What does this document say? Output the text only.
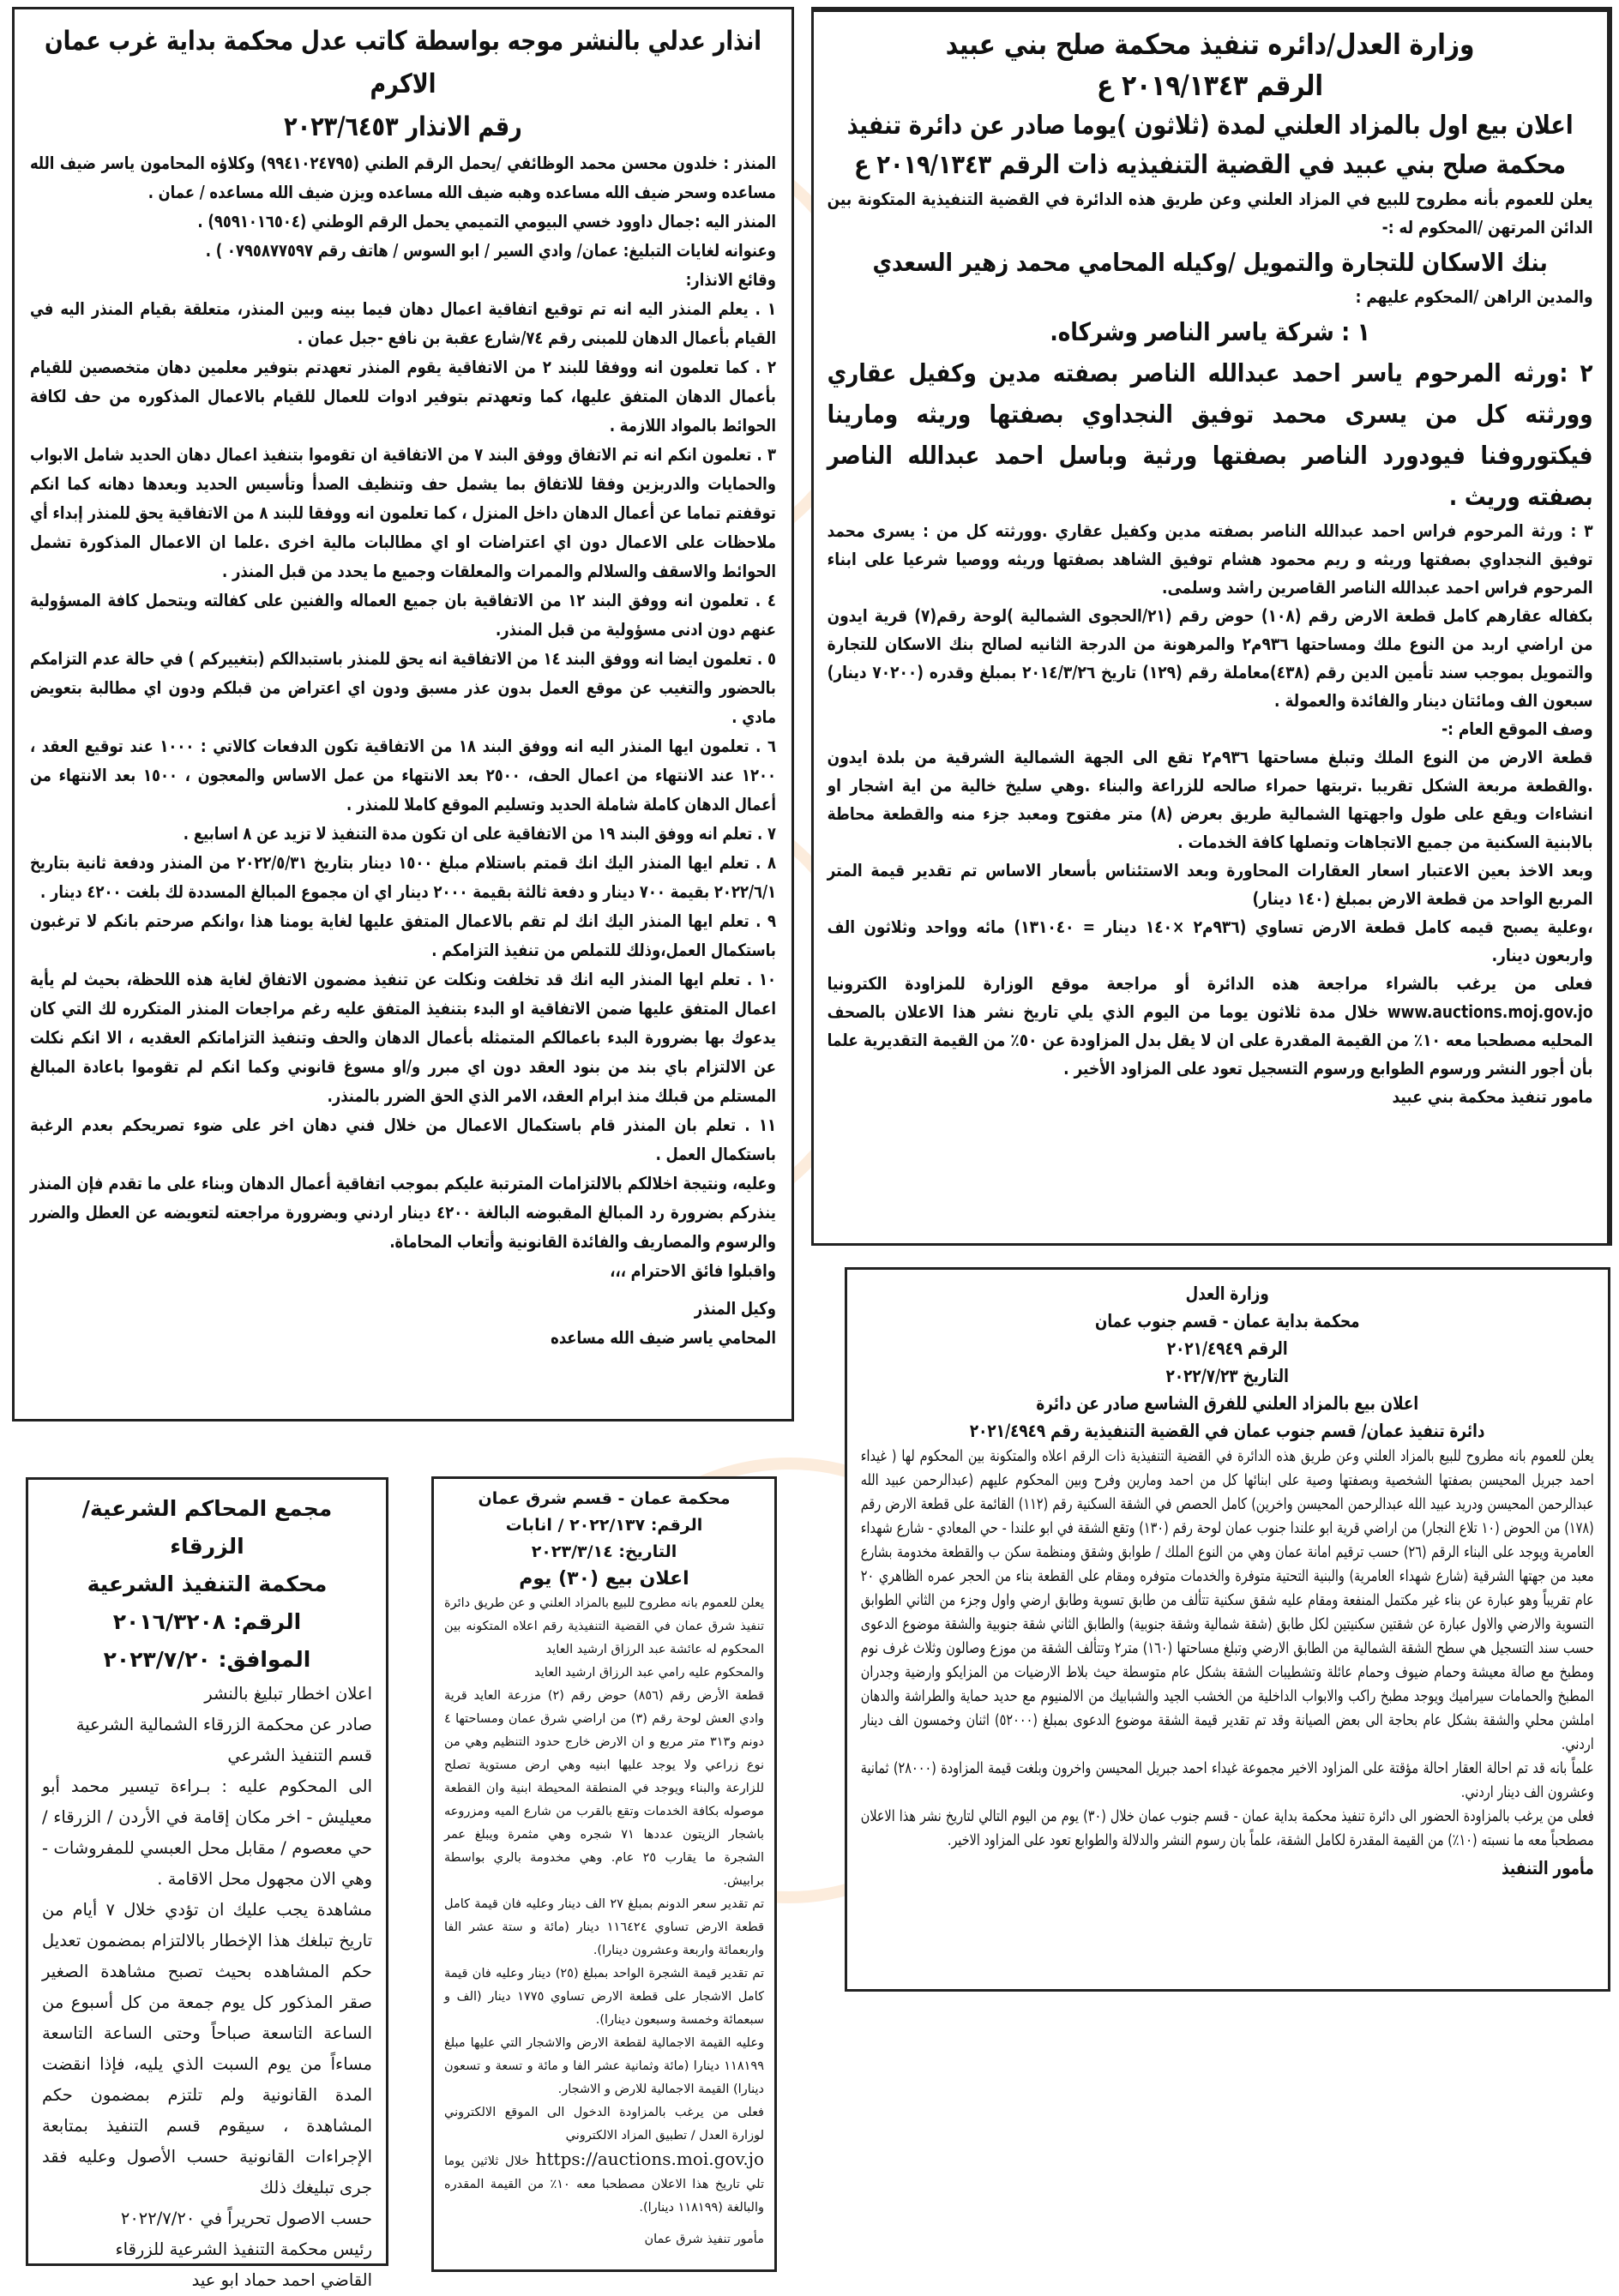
وزارة العدل/دائره تنفيذ محكمة صلح بني عبيد

الرقم ٢٠١٩/١٣٤٣ ع

اعلان بيع اول بالمزاد العلني لمدة (ثلاثون )يوما صادر عن دائرة تنفيذ محكمة صلح بني عبيد في القضية التنفيذيه ذات الرقم ٢٠١٩/١٣٤٣ ع

يعلن للعموم بأنه مطروح للبيع في المزاد العلني وعن طريق هذه الدائرة في القضية التنفيذية المتكونة بين الدائن المرتهن /المحكوم له :-

بنك الاسكان للتجارة والتمويل /وكيله المحامي محمد زهير السعدي

والمدين الراهن /المحكوم عليهم :

١ : شركة ياسر الناصر وشركاه.

٢ :ورثه المرحوم ياسر احمد عبدالله الناصر بصفته مدين وكفيل عقاري وورثته كل من يسرى محمد توفيق النجداوي بصفتها وريثه ومارينا فيكتوروفنا فيودورد الناصر بصفتها ورثية وباسل احمد عبدالله الناصر بصفته وريث .

٣ : ورثة المرحوم فراس احمد عبدالله الناصر بصفته مدين وكفيل عقاري .وورثته كل من : يسرى محمد توفيق النجداوي بصفتها وريثه و ريم محمود هشام توفيق الشاهد بصفتها وريثه ووصيا شرعيا على ابناء المرحوم فراس احمد عبدالله الناصر القاصرين راشد وسلمى.

بكفاله عقارهم كامل قطعة الارض رقم (١٠٨) حوض رقم (٢١/الحجوى الشمالية )لوحة رقم(٧) قرية ايدون من اراضي اربد من النوع ملك ومساحتها ٩٣٦م٢ والمرهونة من الدرجة الثانيه لصالح بنك الاسكان للتجارة والتمويل بموجب سند تأمين الدين رقم (٤٣٨)معاملة رقم (١٢٩) تاريخ ٢٠١٤/٣/٢٦ بمبلغ وقدره (٧٠٢٠٠ دينار) سبعون الف ومائتان دينار والفائدة والعمولة .

وصف الموقع العام :-

قطعة الارض من النوع الملك وتبلغ مساحتها ٩٣٦م٢ تقع الى الجهة الشمالية الشرقية من بلدة ايدون .والقطعة مربعة الشكل تقريبا .تربتها حمراء صالحه للزراعة والبناء .وهي سليخ خالية من اية اشجار او انشاءات ويقع على طول واجهتها الشمالية طريق بعرض (٨) متر مفتوح ومعبد جزء منه والقطعة محاطة بالابنية السكنية من جميع الاتجاهات وتصلها كافة الخدمات .

وبعد الاخذ بعين الاعتبار اسعار العقارات المحاورة وبعد الاستئناس بأسعار الاساس تم تقدير قيمة المتر المربع الواحد من قطعة الارض بمبلغ (١٤٠ دينار)

،وعلية يصبح قيمه كامل قطعة الارض تساوي (٩٣٦م٢ ×١٤٠ دينار = ١٣١٠٤٠) مائه وواحد وثلاثون الف واربعون دينار.

فعلى من يرغب بالشراء مراجعة هذه الدائرة أو مراجعة موقع الوزارة للمزاودة الكترونيا www.auctions.moj.gov.jo خلال مدة ثلاثون يوما من اليوم الذي يلي تاريخ نشر هذا الاعلان بالصحف المحليه مصطحبا معه ١٠٪ من القيمة المقدرة على ان لا يقل بدل المزاودة عن ٥٠٪ من القيمة التقديرية علما بأن أجور النشر ورسوم الطوابع ورسوم التسجيل تعود على المزاود الأخير .

مامور تنفيذ محكمة بني عبيد

انذار عدلي بالنشر موجه بواسطة كاتب عدل محكمة بداية غرب عمان الاكرم

رقم الانذار ٢٠٢٣/٦٤٥٣

المنذر : خلدون محسن محمد الوظائفي /يحمل الرقم الطني (٩٩٤١٠٢٤٧٩٥) وكلاؤه المحامون ياسر ضيف الله مساعده وسحر ضيف الله مساعده وهبه ضيف الله مساعده ويزن ضيف الله مساعده / عمان .

المنذر اليه :جمال داوود خسي البيومي التميمي يحمل الرقم الوطني (٩٥٩١٠١٦٥٠٤) .

وعنوانه لغايات التبليغ: عمان/ وادي السير / ابو السوس / هاتف رقم ٠٧٩٥٨٧٧٥٩٧ ) .

وقائع الانذار:

١ . يعلم المنذر اليه انه تم توقيع اتفاقية اعمال دهان فيما بينه وبين المنذر، متعلقة بقيام المنذر اليه في القيام بأعمال الدهان للمبنى رقم ٧٤/شارع عقبة بن نافع -جبل عمان .

٢ . كما تعلمون انه ووفقا للبند ٢ من الاتفاقية يقوم المنذر تعهدتم بتوفير معلمين دهان متخصصين للقيام بأعمال الدهان المتفق عليها، كما وتعهدتم بتوفير ادوات للعمال للقيام بالاعمال المذكوره من حف لكافة الحوائط بالمواد اللازمة .

٣ . تعلمون انكم انه تم الاتفاق ووفق البند ٧ من الاتفاقية ان تقوموا بتنفيذ اعمال دهان الحديد شامل الابواب والحمايات والدربزين وفقا للاتفاق بما يشمل حف وتنظيف الصدأ وتأسيس الحديد وبعدها دهانه كما انكم توقفتم تماما عن أعمال الدهان داخل المنزل ، كما تعلمون انه ووفقا للبند ٨ من الاتفاقية يحق للمنذر إبداء أي ملاحظات على الاعمال دون اي اعتراضات او اي مطالبات مالية اخرى .علما ان الاعمال المذكورة تشمل الحوائط والاسقف والسلالم والممرات والمعلقات وجميع ما يحدد من قبل المنذر .

٤ . تعلمون انه ووفق البند ١٢ من الاتفاقية بان جميع العماله والفنين على كفالته ويتحمل كافة المسؤولية عنهم دون ادنى مسؤولية من قبل المنذر.

٥ . تعلمون ايضا انه ووفق البند ١٤ من الاتفاقية انه يحق للمنذر باستبدالكم (بتغييركم ) في حالة عدم التزامكم بالحضور والتغيب عن موقع العمل بدون عذر مسبق ودون اي اعتراض من قبلكم ودون اي مطالبة بتعويض مادي .

٦ . تعلمون ايها المنذر اليه انه ووفق البند ١٨ من الاتفاقية تكون الدفعات كالاتي : ١٠٠٠ عند توقيع العقد ، ١٢٠٠ عند الانتهاء من اعمال الحف، ٢٥٠٠ بعد الانتهاء من عمل الاساس والمعجون ، ١٥٠٠ بعد الانتهاء من أعمال الدهان كاملة شاملة الحديد وتسليم الموقع كاملا للمنذر .

٧ . تعلم انه ووفق البند ١٩ من الاتفاقية على ان تكون مدة التنفيذ لا تزيد عن ٨ اسابيع .

٨ . تعلم ايها المنذر اليك انك قمتم باستلام مبلغ ١٥٠٠ دينار بتاريخ ٢٠٢٢/٥/٣١ من المنذر ودفعة ثانية بتاريخ ٢٠٢٢/٦/١ بقيمة ٧٠٠ دينار و دفعة ثالثة بقيمة ٢٠٠٠ دينار اي ان مجموع المبالغ المسددة لك بلغت ٤٢٠٠ دينار .

٩ . تعلم ايها المنذر اليك انك لم تقم بالاعمال المتفق عليها لغاية يومنا هذا ،وانكم صرحتم بانكم لا ترغبون باستكمال العمل،وذلك للتملص من تنفيذ التزامكم .

١٠ . تعلم ايها المنذر اليه انك قد تخلفت ونكلت عن تنفيذ مضمون الاتفاق لغاية هذه اللحظة، بحيث لم يأية اعمال المتفق عليها ضمن الاتفاقية او البدء بتنفيذ المتفق عليه رغم مراجعات المنذر المتكرره لك التي كان يدعوك بها بضرورة البدء باعمالكم المتمثله بأعمال الدهان والحف وتنفيذ التزاماتكم العقديه ، الا انكم نكلت عن الالتزام باي بند من بنود العقد دون اي مبرر و/او مسوغ قانوني وكما انكم لم تقوموا باعادة المبالغ المستلم من قبلك منذ ابرام العقد، الامر الذي الحق الضرر بالمنذر.

١١ . تعلم بان المنذر قام باستكمال الاعمال من خلال فني دهان اخر على ضوء تصريحكم بعدم الرغبة باستكمال العمل .

وعليه، ونتيجة اخلالكم بالالتزامات المترتبة عليكم بموجب اتفاقية أعمال الدهان وبناء على ما تقدم فإن المنذر ينذركم بضرورة رد المبالغ المقبوضه البالغة ٤٢٠٠ دينار اردني وبضرورة مراجعته لتعويضه عن العطل والضرر والرسوم والمصاريف والفائدة القانونية وأتعاب المحاماة.

واقبلوا فائق الاحترام ،،،

وكيل المنذر

المحامي ياسر ضيف الله مساعده

وزارة العدل

محكمة بداية عمان - قسم جنوب عمان

الرقم ٢٠٢١/٤٩٤٩

التاريخ ٢٠٢٢/٧/٢٣

اعلان بيع بالمزاد العلني للفرق الشاسع صادر عن دائرة

دائرة تنفيذ عمان/ قسم جنوب عمان في القضية التنفيذية رقم ٢٠٢١/٤٩٤٩

يعلن للعموم بانه مطروح للبيع بالمزاد العلني وعن طريق هذه الدائرة في القضية التنفيذية ذات الرقم اعلاه والمتكونة بين المحكوم لها ( غيداء احمد جبريل المحيسن بصفتها الشخصية وبصفتها وصية على ابنائها كل من احمد ومارين وفرح وبين المحكوم عليهم (عبدالرحمن عبيد الله عبدالرحمن المحيسن ودريد عبيد الله عبدالرحمن المحيسن واخرين) كامل الحصص في الشقة السكنية رقم (١١٢) القائمة على قطعة الارض رقم (١٧٨) من الحوض (١٠ تلاع النجار) من اراضي قرية ابو علندا جنوب عمان لوحة رقم (١٣٠) وتقع الشقة في ابو علندا - حي المعادي - شارع شهداء العامرية ويوجد على البناء الرقم (٢٦) حسب ترقيم امانة عمان وهي من النوع الملك / طوابق وشقق ومنظمة سكن ب والقطعة مخدومة بشارع معبد من جهتها الشرقية (شارع شهداء العامرية) والبنية التحتية متوفرة والخدمات متوفره ومقام على القطعة بناء من الحجر عمره الظاهري ٢٠ عام تقريباً وهو عبارة عن بناء غير مكتمل المنفعة ومقام عليه شقق سكنية تتألف من طابق تسوية وطابق ارضي واول وجزء من الثاني الطوابق التسوية والارضي والاول عبارة عن شقتين سكنيتين لكل طابق (شقة شمالية وشقة جنوبية) والطابق الثاني شقة جنوبية والشقة موضوع الدعوى حسب سند التسجيل هي سطح الشقة الشمالية من الطابق الارضي وتبلغ مساحتها (١٦٠) متر٢ وتتألف الشقة من موزع وصالون وثلاث غرف نوم ومطبخ مع صالة معيشة وحمام ضيوف وحمام عائلة وتشطيبات الشقة بشكل عام متوسطة حيث بلاط الارضيات من المزايكو وارضية وجدران المطبخ والحمامات سيراميك ويوجد مطبخ راكب والابواب الداخلية من الخشب الجيد والشبابيك من الالمنيوم مع حديد حماية والطراشة والدهان املشن محلي والشقة بشكل عام بحاجة الى بعض الصيانة وقد تم تقدير قيمة الشقة موضوع الدعوى بمبلغ (٥٢٠٠٠) اثنان وخمسون الف دينار اردني.

علماً بانه قد تم احالة العقار احالة مؤقتة على المزاود الاخير مجموعة غيداء احمد جبريل المحيسن واخرون وبلغت قيمة المزاودة (٢٨٠٠٠) ثمانية وعشرون الف دينار اردني.

فعلى من يرغب بالمزاودة الحضور الى دائرة تنفيذ محكمة بداية عمان - قسم جنوب عمان خلال (٣٠) يوم من اليوم التالي لتاريخ نشر هذا الاعلان مصطحباً معه ما نسبته (١٠٪) من القيمة المقدرة لكامل الشقة، علماً بان رسوم النشر والدلالة والطوابع تعود على المزاود الاخير.

مأمور التنفيذ

مجمع المحاكم الشرعية/ الزرقاء

محكمة التنفيذ الشرعية

الرقم: ٢٠١٦/٣٢٠٨

الموافق: ٢٠٢٣/٧/٢٠

اعلان اخطار تبليغ بالنشر

صادر عن محكمة الزرقاء الشمالية الشرعية

قسم التنفيذ الشرعي

الى المحكوم عليه : بـراءة تيسير محمد أبو معيليش - اخر مكان إقامة في الأردن / الزرقاء / حي معصوم / مقابل محل العبسي للمفروشات - وهي الان مجهول محل الاقامة .

مشاهدة يجب عليك ان تؤدي خلال ٧ أيام من تاريخ تبلغك هذا الإخطار بالالتزام بمضمون تعديل حكم المشاهده بحيث تصبح مشاهدة الصغير صقر المذكور كل يوم جمعة من كل أسبوع من الساعة التاسعة صباحاً وحتى الساعة التاسعة مساءاً من يوم السبت الذي يليه، فإذا انقضت المدة القانونية ولم تلتزم بمضمون حكم المشاهدة ، سيقوم قسم التنفيذ بمتابعة الإجراءات القانونية حسب الأصول وعليه فقد جرى تبليغك ذلك

حسب الاصول تحريراً في ٢٠٢٢/٧/٢٠

رئيس محكمة التنفيذ الشرعية للزرقاء

القاضي احمد حماد ابو عيد

محكمة عمان - قسم شرق عمان

الرقم: ٢٠٢٢/١٣٧ / انابات

التاريخ: ٢٠٢٣/٣/١٤

اعلان بيع (٣٠) يوم

يعلن للعموم بانه مطروح للبيع بالمزاد العلني و عن طريق دائرة تنفيذ شرق عمان في القضية التنفيذية رقم اعلاه المتكونه بين المحكوم له عائشة عبد الرزاق ارشيد العايد

والمحكوم عليه رامي عبد الرزاق ارشيد العايد

قطعة الأرض رقم (٨٥٦) حوض رقم (٢) مزرعة العايد قرية وادي العش لوحة رقم (٣) من اراضي شرق عمان ومساحتها ٤ دونم و٣١٣ متر مربع و ان الارض خارج حدود التنظيم وهي من نوع زراعي ولا يوجد عليها ابنيه وهي ارض مستوية تصلح للزارعة والبناء ويوجد في المنطقة المحيطة ابنية وان القطعة موصوله بكافة الخدمات وتقع بالقرب من شارع الميه ومزروعه باشجار الزيتون عددها ٧١ شجره وهي مثمرة ويبلغ عمر الشجرة ما يقارب ٢٥ عام. وهي مخدومة بالري بواسطة برابيش.

تم تقدير سعر الدونم بمبلغ ٢٧ الف دينار وعليه فان قيمة كامل قطعة الارض تساوي ١١٦٤٢٤ دينار (مائة و ستة عشر الفا واربعمائة واربعة وعشرون دينارا).

تم تقدير قيمة الشجرة الواحد بمبلغ (٢٥) دينار وعليه فان قيمة كامل الاشجار على قطعة الارض تساوي ١٧٧٥ دينار (الف و سبعمائة وخمسة وسبعون دينارا).

وعليه القيمة الاجمالية لقطعة الارض والاشجار التي عليها مبلغ ١١٨١٩٩ دينارا (مائة وثمانية عشر الفا و مائة و تسعة و تسعون دينارا) القيمة الاجمالية للارض و الاشجار.

فعلى من يرغب بالمزاودة الدخول الى الموقع الالكتروني لوزارة العدل / تطبيق المزاد الالكتروني

https://auctions.moi.gov.jo خلال ثلاثين يوما تلي تاريخ هذا الاعلان مصطحبا معه ١٠٪ من القيمة المقدره والبالغة (١١٨١٩٩ دينارا).

مأمور تنفيذ شرق عمان
